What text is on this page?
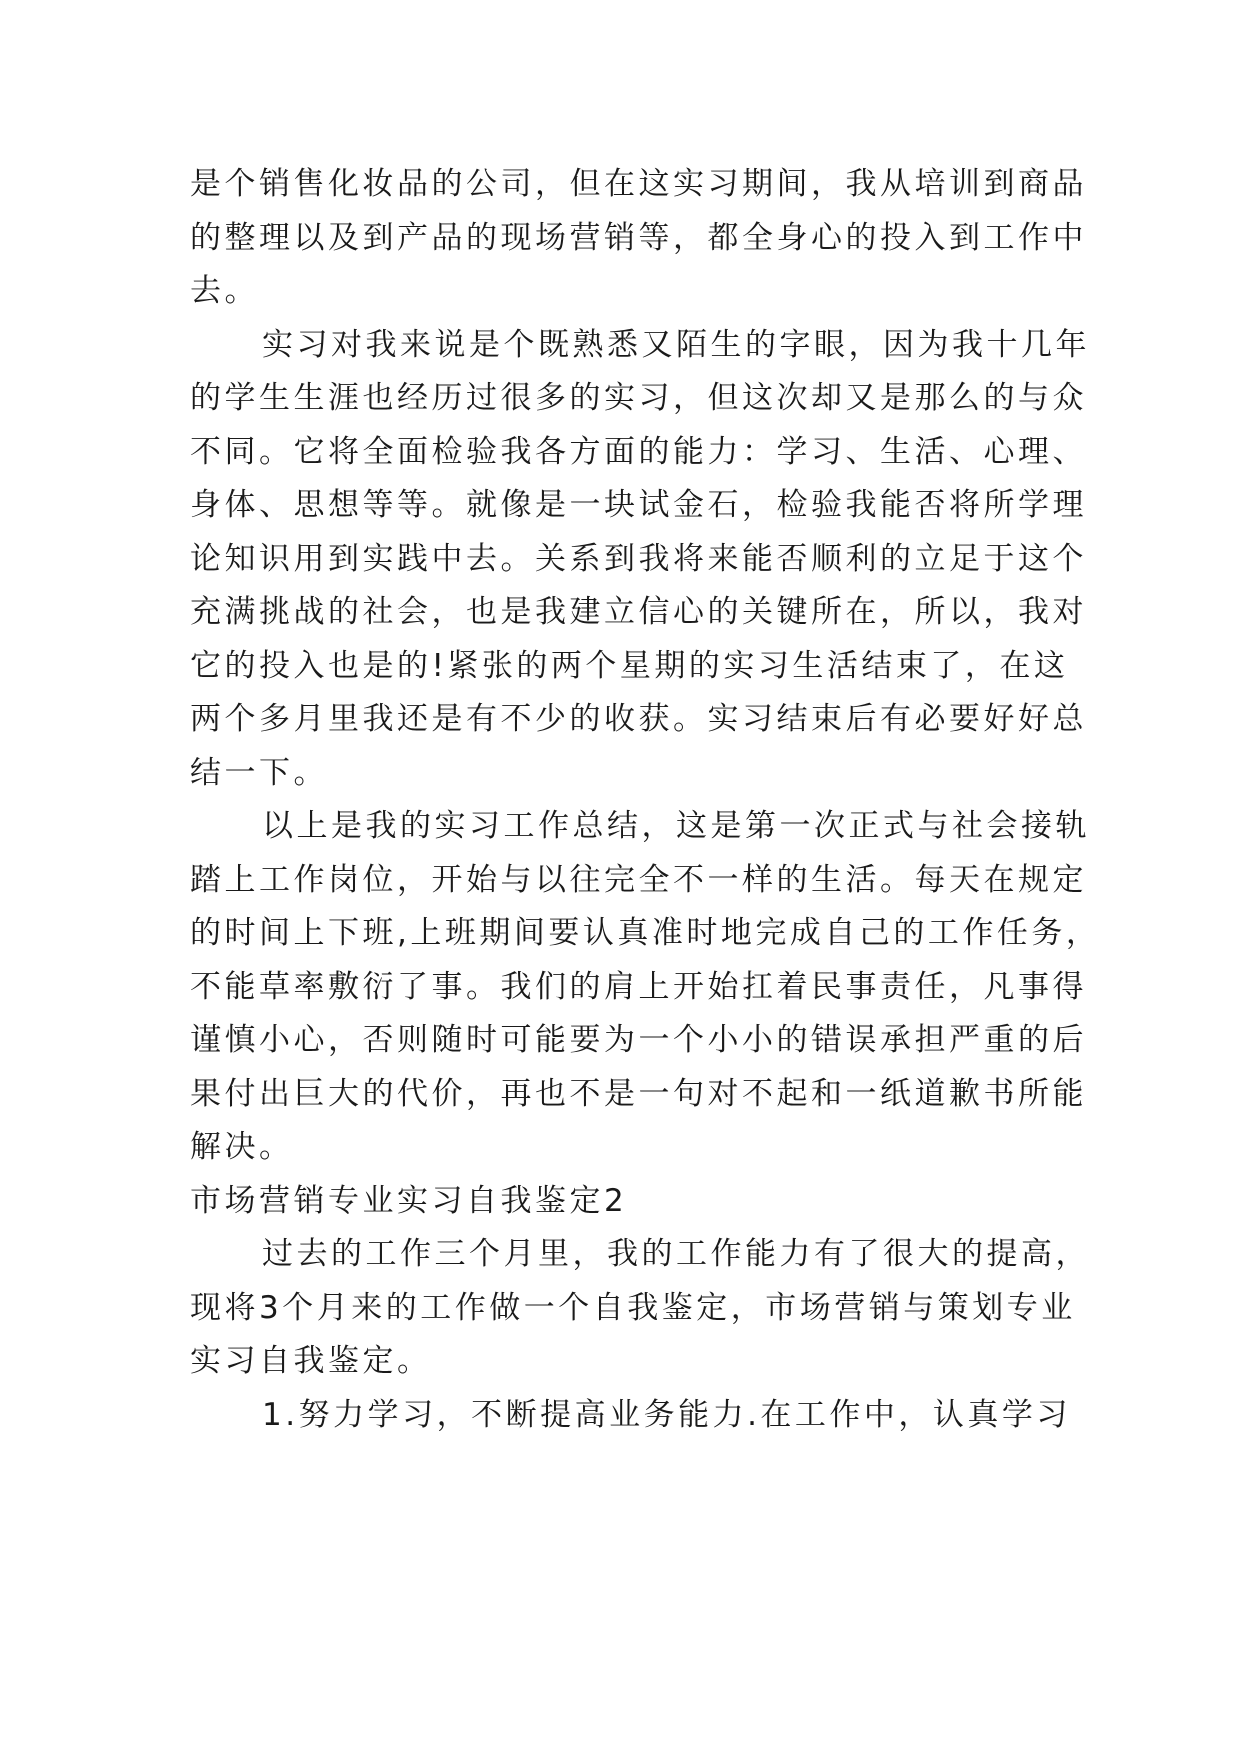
是个销售化妆品的公司，但在这实习期间，我从培训到商品
的整理以及到产品的现场营销等，都全身心的投入到工作中
去。
实习对我来说是个既熟悉又陌生的字眼，因为我十几年
的学生生涯也经历过很多的实习，但这次却又是那么的与众
不同。它将全面检验我各方面的能力：学习、生活、心理、
身体、思想等等。就像是一块试金石，检验我能否将所学理
论知识用到实践中去。关系到我将来能否顺利的立足于这个
充满挑战的社会，也是我建立信心的关键所在，所以，我对
它的投入也是的!紧张的两个星期的实习生活结束了，在这
两个多月里我还是有不少的收获。实习结束后有必要好好总
结一下。
以上是我的实习工作总结，这是第一次正式与社会接轨
踏上工作岗位，开始与以往完全不一样的生活。每天在规定
的时间上下班,上班期间要认真准时地完成自己的工作任务，
不能草率敷衍了事。我们的肩上开始扛着民事责任，凡事得
谨慎小心，否则随时可能要为一个小小的错误承担严重的后
果付出巨大的代价，再也不是一句对不起和一纸道歉书所能
解决。
市场营销专业实习自我鉴定2
过去的工作三个月里，我的工作能力有了很大的提高，
现将3个月来的工作做一个自我鉴定，市场营销与策划专业
实习自我鉴定。
1.努力学习，不断提高业务能力.在工作中，认真学习
